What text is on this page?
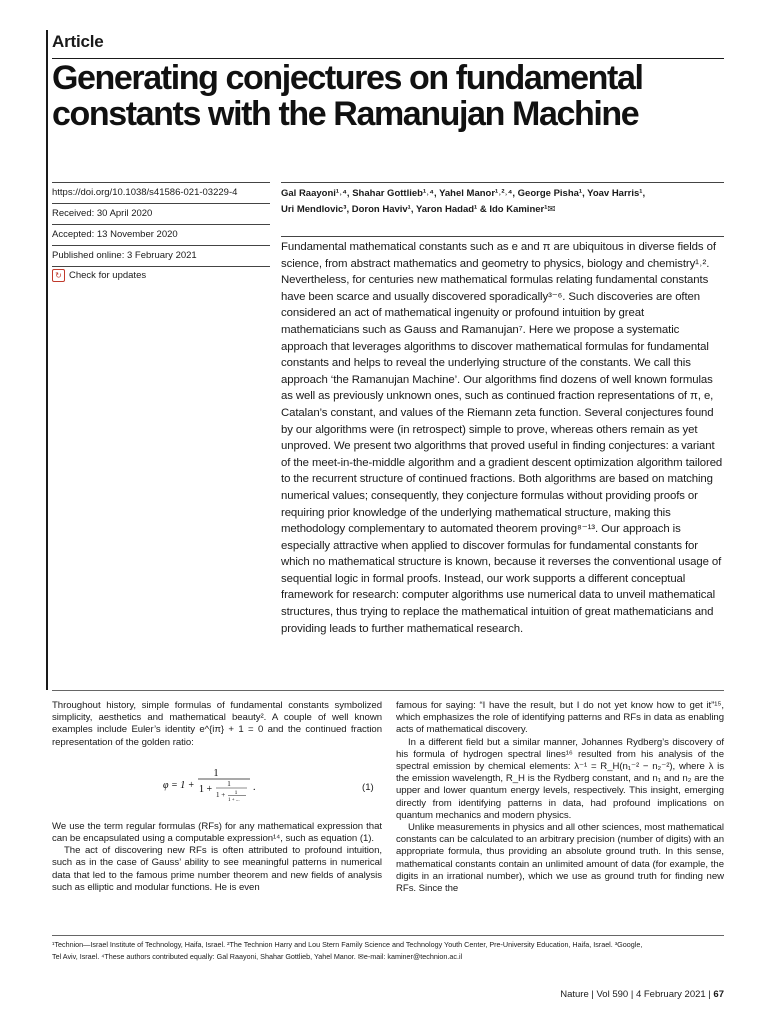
Article
Generating conjectures on fundamental
constants with the Ramanujan Machine
https://doi.org/10.1038/s41586-021-03229-4
Received: 30 April 2020
Accepted: 13 November 2020
Published online: 3 February 2021
↻ Check for updates
Gal Raayoni¹˒⁴, Shahar Gottlieb¹˒⁴, Yahel Manor¹˒²˒⁴, George Pisha¹, Yoav Harris¹,
Uri Mendlovic³, Doron Haviv¹, Yaron Hadad¹ & Ido Kaminer¹✉
Fundamental mathematical constants such as e and π are ubiquitous in diverse fields of science, from abstract mathematics and geometry to physics, biology and chemistry¹˒². Nevertheless, for centuries new mathematical formulas relating fundamental constants have been scarce and usually discovered sporadically³⁻⁶. Such discoveries are often considered an act of mathematical ingenuity or profound intuition by great mathematicians such as Gauss and Ramanujan⁷. Here we propose a systematic approach that leverages algorithms to discover mathematical formulas for fundamental constants and helps to reveal the underlying structure of the constants. We call this approach ‘the Ramanujan Machine’. Our algorithms find dozens of well known formulas as well as previously unknown ones, such as continued fraction representations of π, e, Catalan’s constant, and values of the Riemann zeta function. Several conjectures found by our algorithms were (in retrospect) simple to prove, whereas others remain as yet unproved. We present two algorithms that proved useful in finding conjectures: a variant of the meet-in-the-middle algorithm and a gradient descent optimization algorithm tailored to the recurrent structure of continued fractions. Both algorithms are based on matching numerical values; consequently, they conjecture formulas without providing proofs or requiring prior knowledge of the underlying mathematical structure, making this methodology complementary to automated theorem proving⁸⁻¹³. Our approach is especially attractive when applied to discover formulas for fundamental constants for which no mathematical structure is known, because it reverses the conventional usage of sequential logic in formal proofs. Instead, our work supports a different conceptual framework for research: computer algorithms use numerical data to unveil mathematical structures, thus trying to replace the mathematical intuition of great mathematicians and providing leads to further mathematical research.

Throughout history, simple formulas of fundamental constants symbolized simplicity, aesthetics and mathematical beauty². A couple of well known examples include Euler’s identity e^{iπ} + 1 = 0 and the continued fraction representation of the golden ratio:

We use the term regular formulas (RFs) for any mathematical expression that can be encapsulated using a computable expression¹⁴, such as equation (1).

The act of discovering new RFs is often attributed to profound intuition, such as in the case of Gauss’ ability to see meaningful patterns in numerical data that led to the famous prime number theorem and new fields of analysis such as elliptic and modular functions. He is even

φ = 1 +
1
1 + 1
1 + 1
1 + ...
.	(1)

famous for saying: “I have the result, but I do not yet know how to get it”¹⁵, which emphasizes the role of identifying patterns and RFs in data as enabling acts of mathematical discovery.

In a different field but a similar manner, Johannes Rydberg’s discovery of his formula of hydrogen spectral lines¹⁶ resulted from his analysis of the spectral emission by chemical elements: λ⁻¹ = R_H(n₁⁻² − n₂⁻²), where λ is the emission wavelength, R_H is the Rydberg constant, and n₁ and n₂ are the upper and lower quantum energy levels, respectively. This insight, emerging directly from identifying patterns in data, had profound implications on quantum mechanics and modern physics.

Unlike measurements in physics and all other sciences, most mathematical constants can be calculated to an arbitrary precision (number of digits) with an appropriate formula, thus providing an absolute ground truth. In this sense, mathematical constants contain an unlimited amount of data (for example, the digits in an irrational number), which we use as ground truth for finding new RFs. Since the

¹Technion—Israel Institute of Technology, Haifa, Israel. ²The Technion Harry and Lou Stern Family Science and Technology Youth Center, Pre-University Education, Haifa, Israel. ³Google,
Tel Aviv, Israel. ⁴These authors contributed equally: Gal Raayoni, Shahar Gottlieb, Yahel Manor. ✉e-mail: kaminer@technion.ac.il
Nature | Vol 590 | 4 February 2021 | 67
